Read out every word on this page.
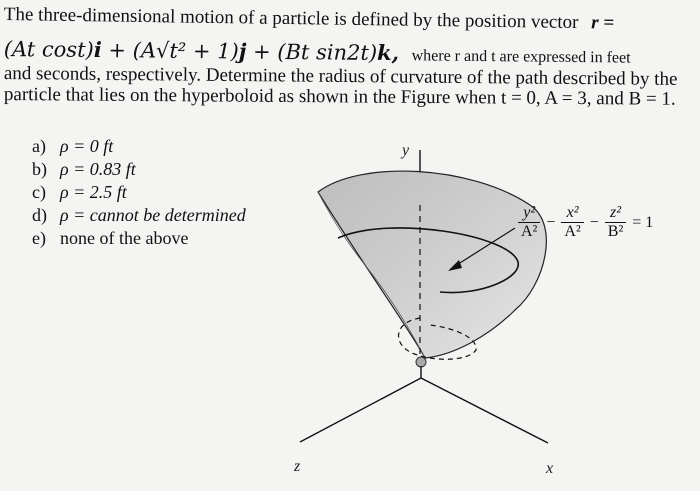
The three-dimensional motion of a particle is defined by the position vector r =
(At cost)i + (A√t² + 1)j + (Bt sin2t)k, where r and t are expressed in feet
and seconds, respectively. Determine the radius of curvature of the path described by the
particle that lies on the hyperboloid as shown in the Figure when t = 0, A = 3, and B = 1.
a) ρ = 0 ft
b) ρ = 0.83 ft
c) ρ = 2.5 ft
d) ρ = cannot be determined
e) none of the above
y
x
z
$\frac{\text{y²}}{\text{A²}} - \frac{\text{x²}}{\text{A²}} - \frac{\text{z²}}{\text{B²}} = 1$
